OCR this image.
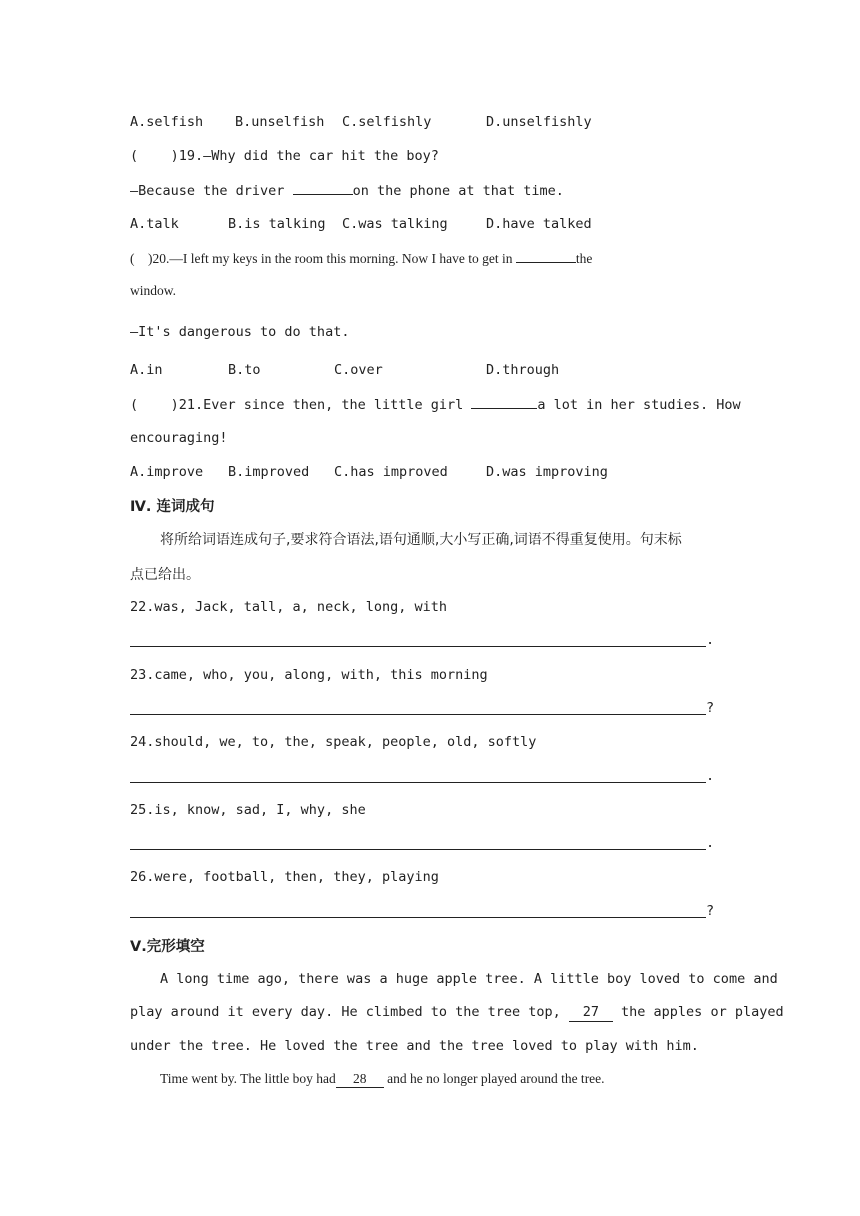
A.selfish B.unselfish C.selfishly	D.unselfishly
(    )19.—Why did the car hit the boy?
—Because the driver	on the phone at that time.
A.talk	B.is talking C.was talking	D.have talked
(    )20.—I left my keys in the room this morning. Now I have to get in	the
window.
—It's dangerous to do that.
A.in	B.to	C.over	D.through
(    )21.Ever since then, the little girl	a lot in her studies. How
encouraging!
A.improve B.improved C.has improved	D.was improving
Ⅳ. 连词成句
将所给词语连成句子,要求符合语法,语句通顺,大小写正确,词语不得重复使用。句末标
点已给出。
22.was, Jack, tall, a, neck, long, with
.
23.came, who, you, along, with, this morning
?
24.should, we, to, the, speak, people, old, softly
.
25.is, know, sad, I, why, she
.
26.were, football, then, they, playing
?
Ⅴ.完形填空
A long time ago, there was a huge apple tree. A little boy loved to come and
play around it every day. He climbed to the tree top, 27 the apples or played
under the tree. He loved the tree and the tree loved to play with him.
Time went by. The little boy had 28 and he no longer played around the tree.
